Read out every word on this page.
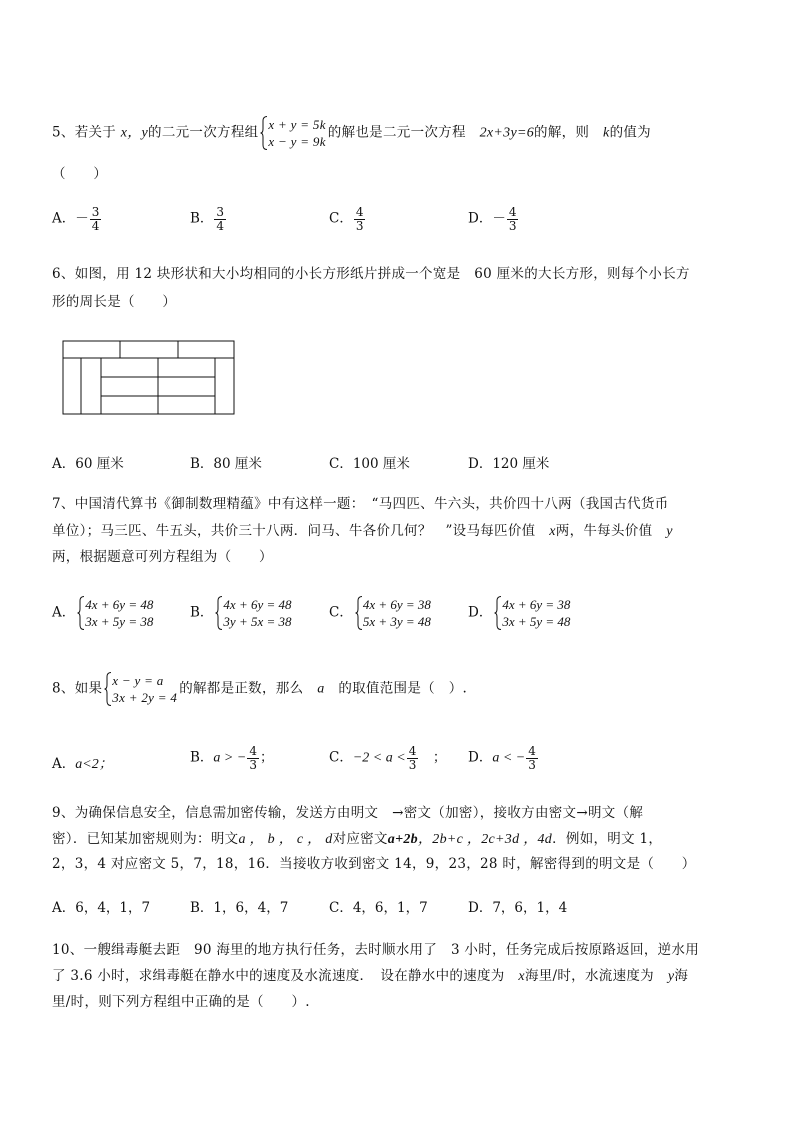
5、若关于 x，y的二元一次方程组 x + y = 5k
x − y = 9k
的解也是二元一次方程　 2x+3y=6的解，则　 k的值为
（　　）
A．－ $\frac{3}{4}$	B． $\frac{3}{4}$	C． $\frac{4}{3}$	D．－ $\frac{4}{3}$
6、如图，用 12 块形状和大小均相同的小长方形纸片拼成一个宽是　60 厘米的大长方形，则每个小长方
形的周长是（　　）
A．60 厘米	B．80 厘米	C．100 厘米	D．120 厘米
7、中国清代算书《御制数理精蕴》中有这样一题：　“马四匹、牛六头，共价四十八两（我国古代货币
单位）；马三匹、牛五头，共价三十八两．问马、牛各价几何？　”设马每匹价值　 x两，牛每头价值　 y
两，根据题意可列方程组为（　　）
A． 4x + 6y = 48
3x + 5y = 38
B． 4x + 6y = 48
3y + 5x = 38
C． 4x + 6y = 38
5x + 3y = 48
D． 4x + 6y = 38
3x + 5y = 48
8、如果 x − y = a
3x + 2y = 4
的解都是正数，那么　 a　 的取值范围是（　）.
A．a<2；	B．a > − $\frac{4}{3}$ ；	C．$-2 < a < \frac{4}{3}$
　 ； D．a < − $\frac{4}{3}$
9、为确保信息安全，信息需加密传输，发送方由明文　→密文（加密），接收方由密文→明文（解
密）．已知某加密规则为：明文a ， b ， c ， d对应密文a+2b，2b+c ，2c+3d ，4d．例如，明文 1，
2，3，4 对应密文 5，7，18，16．当接收方收到密文 14，9，23，28 时，解密得到的明文是（　　）
A．6，4，1，7	B．1，6，4，7	C．4，6，1，7	D．7，6，1，4
10、一艘缉毒艇去距　90 海里的地方执行任务，去时顺水用了　3 小时，任务完成后按原路返回，逆水用
了 3.6 小时，求缉毒艇在静水中的速度及水流速度．　设在静水中的速度为　 x海里/时，水流速度为　 y海
里/时，则下列方程组中正确的是（　　）.
